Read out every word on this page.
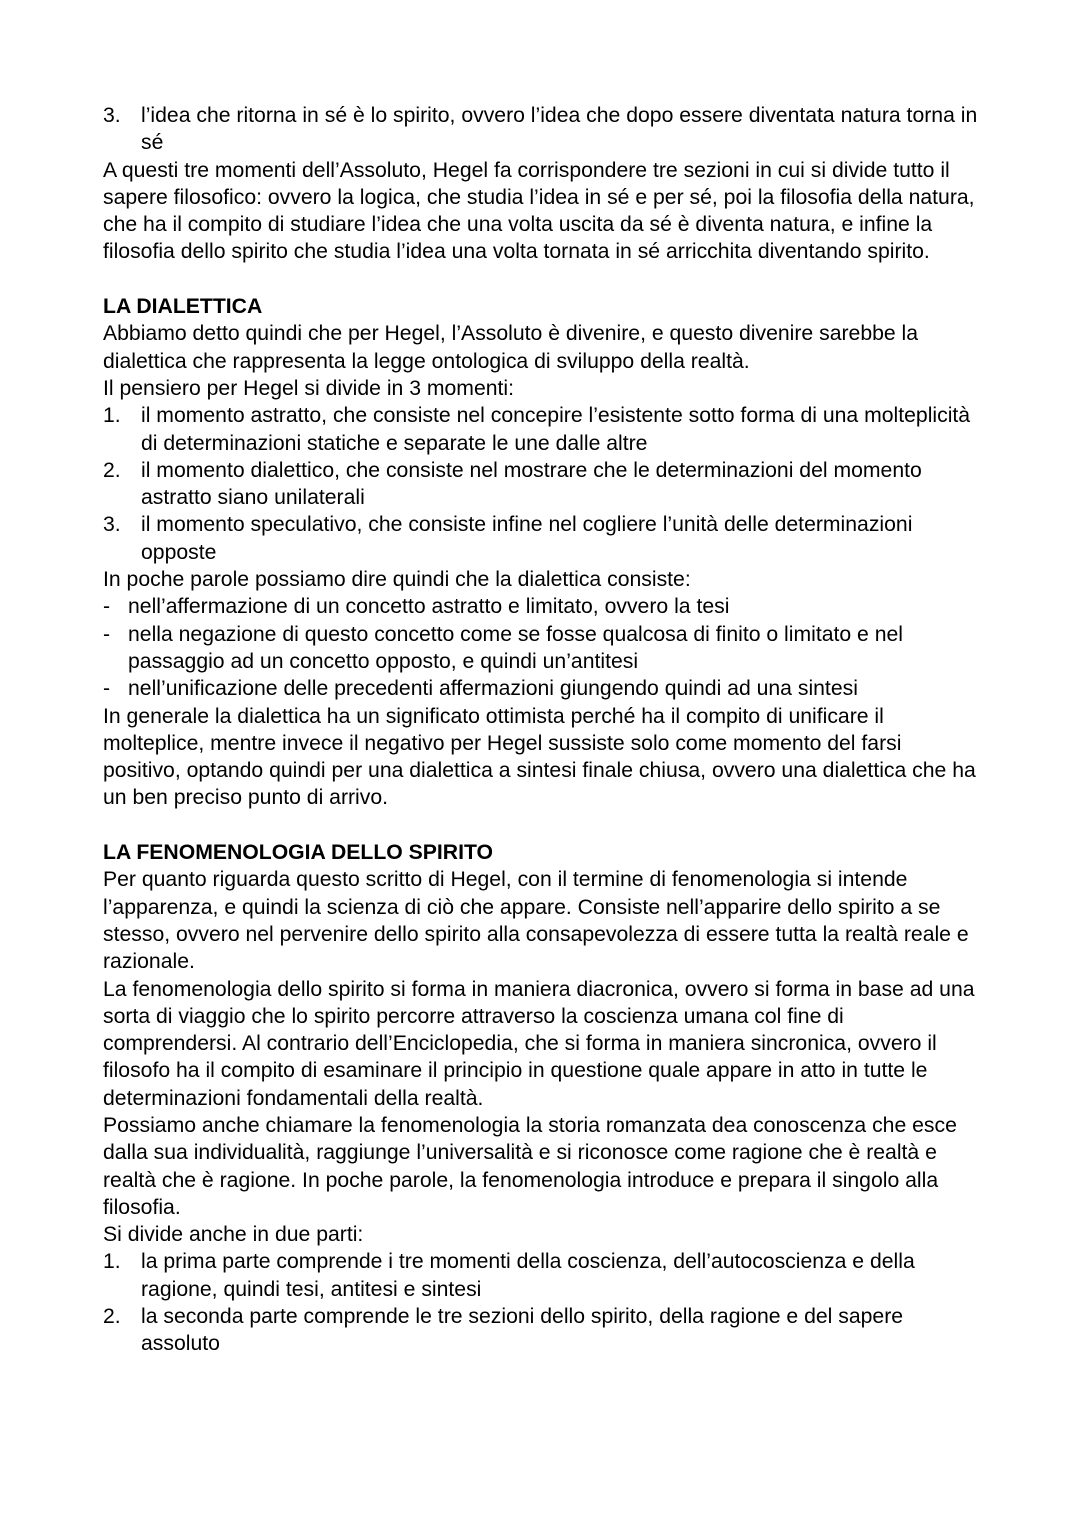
3. l’idea che ritorna in sé è lo spirito, ovvero l’idea che dopo essere diventata natura torna in sé

A questi tre momenti dell’Assoluto, Hegel fa corrispondere tre sezioni in cui si divide tutto il sapere filosofico: ovvero la logica, che studia l’idea in sé e per sé, poi la filosofia della natura, che ha il compito di studiare l’idea che una volta uscita da sé è diventa natura, e infine la filosofia dello spirito che studia l’idea una volta tornata in sé arricchita diventando spirito.

LA DIALETTICA

Abbiamo detto quindi che per Hegel, l’Assoluto è divenire, e questo divenire sarebbe la dialettica che rappresenta la legge ontologica di sviluppo della realtà.

Il pensiero per Hegel si divide in 3 momenti:

1. il momento astratto, che consiste nel concepire l’esistente sotto forma di una molteplicità di determinazioni statiche e separate le une dalle altre
2. il momento dialettico, che consiste nel mostrare che le determinazioni del momento astratto siano unilaterali
3. il momento speculativo, che consiste infine nel cogliere l’unità delle determinazioni opposte

In poche parole possiamo dire quindi che la dialettica consiste:

- nell’affermazione di un concetto astratto e limitato, ovvero la tesi
- nella negazione di questo concetto come se fosse qualcosa di finito o limitato e nel passaggio ad un concetto opposto, e quindi un’antitesi
- nell’unificazione delle precedenti affermazioni giungendo quindi ad una sintesi

In generale la dialettica ha un significato ottimista perché ha il compito di unificare il molteplice, mentre invece il negativo per Hegel sussiste solo come momento del farsi positivo, optando quindi per una dialettica a sintesi finale chiusa, ovvero una dialettica che ha un ben preciso punto di arrivo.

LA FENOMENOLOGIA DELLO SPIRITO

Per quanto riguarda questo scritto di Hegel, con il termine di fenomenologia si intende l’apparenza, e quindi la scienza di ciò che appare. Consiste nell’apparire dello spirito a se stesso, ovvero nel pervenire dello spirito alla consapevolezza di essere tutta la realtà reale e razionale.

La fenomenologia dello spirito si forma in maniera diacronica, ovvero si forma in base ad una sorta di viaggio che lo spirito percorre attraverso la coscienza umana col fine di comprendersi. Al contrario dell’Enciclopedia, che si forma in maniera sincronica, ovvero il filosofo ha il compito di esaminare il principio in questione quale appare in atto in tutte le determinazioni fondamentali della realtà.

Possiamo anche chiamare la fenomenologia la storia romanzata dea conoscenza che esce dalla sua individualità, raggiunge l’universalità e si riconosce come ragione che è realtà e realtà che è ragione. In poche parole, la fenomenologia introduce e prepara il singolo alla filosofia.

Si divide anche in due parti:

1. la prima parte comprende i tre momenti della coscienza, dell’autocoscienza e della ragione, quindi tesi, antitesi e sintesi
2. la seconda parte comprende le tre sezioni dello spirito, della ragione e del sapere assoluto
